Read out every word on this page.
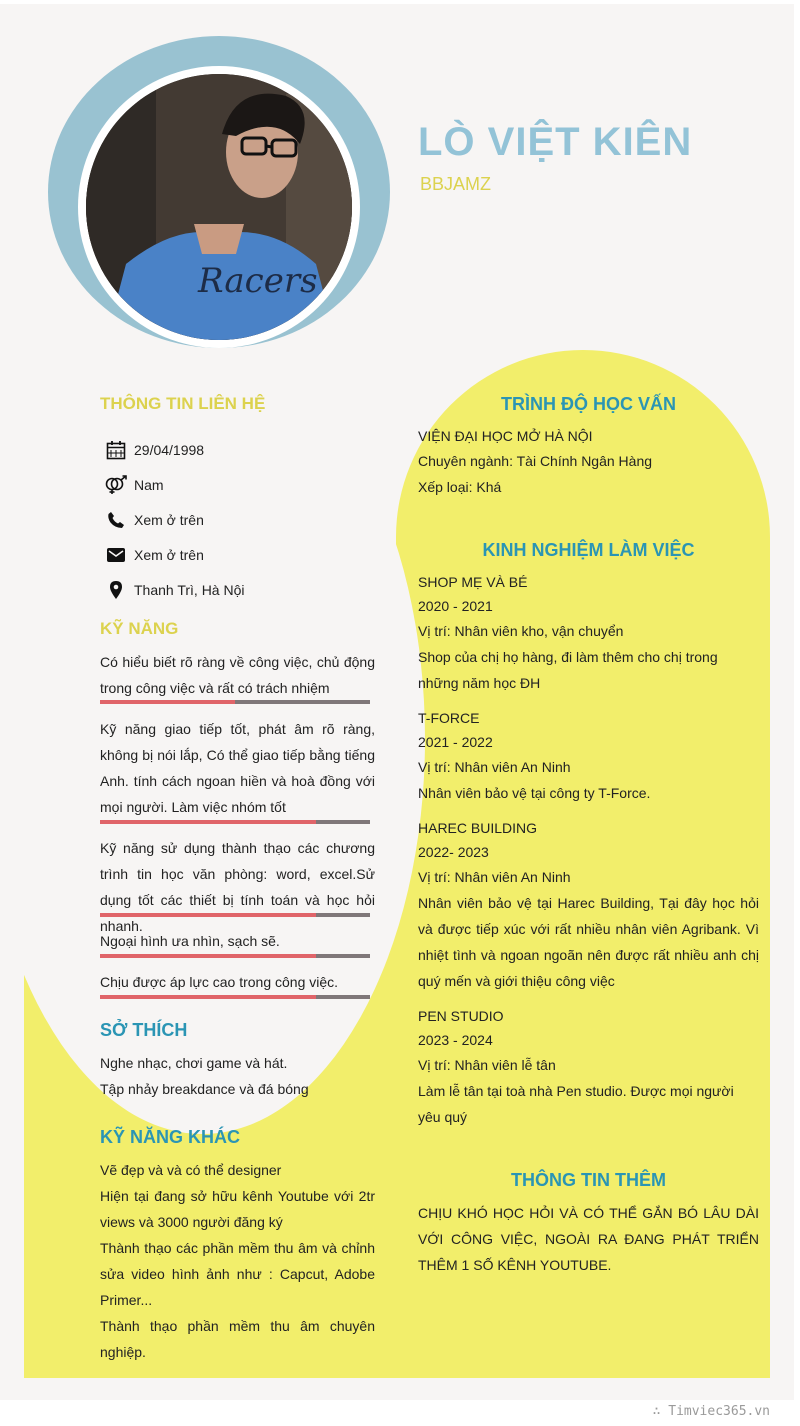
Racers
LÒ VIỆT KIÊN
BBJAMZ
THÔNG TIN LIÊN HỆ
29/04/1998
Nam
Xem ở trên
Xem ở trên
Thanh Trì, Hà Nội
KỸ NĂNG
Có hiểu biết rõ ràng về công việc, chủ động trong công việc và rất có trách nhiệm
Kỹ năng giao tiếp tốt, phát âm rõ ràng, không bị nói lắp, Có thể giao tiếp bằng tiếng Anh. tính cách ngoan hiền và hoà đồng với mọi người. Làm việc nhóm tốt
Kỹ năng sử dụng thành thạo các chương trình tin học văn phòng: word, excel.Sử dụng tốt các thiết bị tính toán và học hỏi nhanh.
Ngoại hình ưa nhìn, sạch sẽ.
Chịu được áp lực cao trong công việc.
SỞ THÍCH
Nghe nhạc, chơi game và hát.
Tập nhảy breakdance và đá bóng
KỸ NĂNG KHÁC
Vẽ đẹp và và có thể designer
Hiện tại đang sở hữu kênh Youtube với 2tr views và 3000 người đăng ký
Thành thạo các phần mềm thu âm và chỉnh sửa video hình ảnh như : Capcut, Adobe Primer...
Thành thạo phần mềm thu âm chuyên nghiệp.
TRÌNH ĐỘ HỌC VẤN
VIỆN ĐẠI HỌC MỞ HÀ NỘI
Chuyên ngành: Tài Chính Ngân Hàng
Xếp loại: Khá
KINH NGHIỆM LÀM VIỆC
SHOP MẸ VÀ BÉ
2020 - 2021
Vị trí: Nhân viên kho, vận chuyển
Shop của chị họ hàng, đi làm thêm cho chị trong những năm học ĐH
T-FORCE
2021 - 2022
Vị trí: Nhân viên An Ninh
Nhân viên bảo vệ tại công ty T-Force.
HAREC BUILDING
2022- 2023
Vị trí: Nhân viên An Ninh
Nhân viên bảo vệ tại Harec Building, Tại đây học hỏi và được tiếp xúc với rất nhiều nhân viên Agribank. Vì nhiệt tình và ngoan ngoãn nên được rất nhiều anh chị quý mến và giới thiệu công việc
PEN STUDIO
2023 - 2024
Vị trí: Nhân viên lễ tân
Làm lễ tân tại toà nhà Pen studio. Được mọi người yêu quý
THÔNG TIN THÊM
CHỊU KHÓ HỌC HỎI VÀ CÓ THỂ GẮN BÓ LÂU DÀI VỚI CÔNG VIỆC, NGOÀI RA ĐANG PHÁT TRIỂN THÊM 1 SỐ KÊNH YOUTUBE.
∴ Timviec365.vn
